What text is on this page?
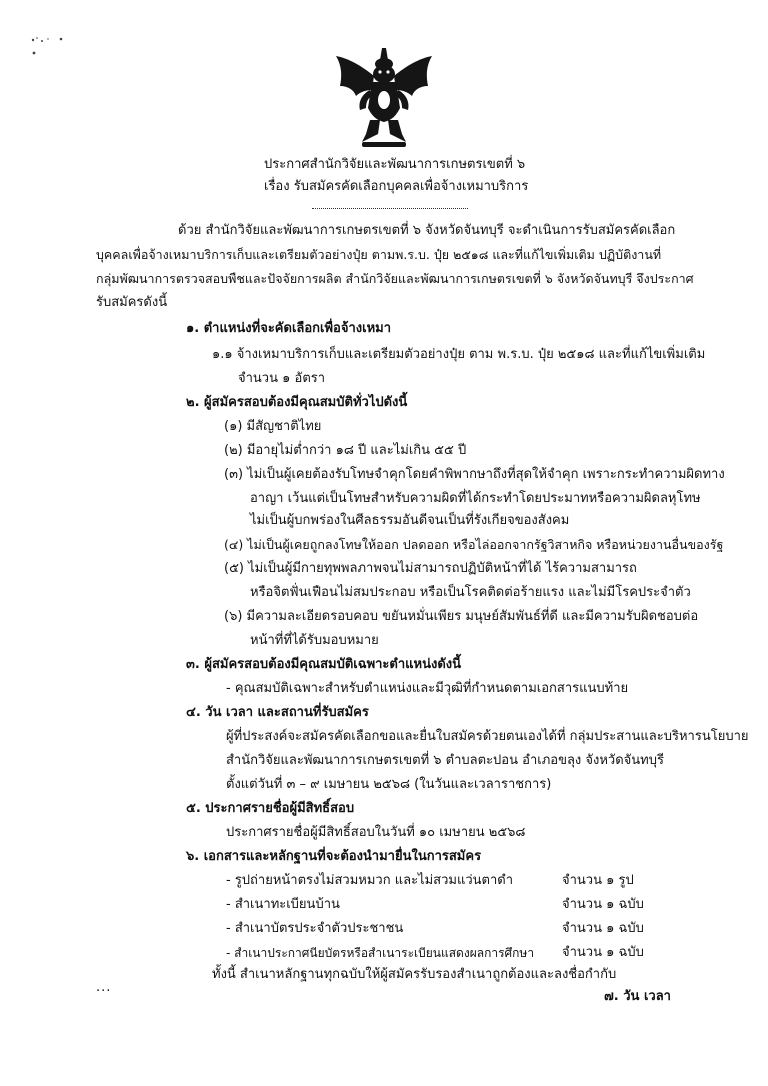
ประกาศสำนักวิจัยและพัฒนาการเกษตรเขตที่ ๖
เรื่อง รับสมัครคัดเลือกบุคคลเพื่อจ้างเหมาบริการ
ด้วย สำนักวิจัยและพัฒนาการเกษตรเขตที่ ๖ จังหวัดจันทบุรี จะดำเนินการรับสมัครคัดเลือก
บุคคลเพื่อจ้างเหมาบริการเก็บและเตรียมตัวอย่างปุ๋ย ตามพ.ร.บ. ปุ๋ย ๒๕๑๘ และที่แก้ไขเพิ่มเติม ปฏิบัติงานที่
กลุ่มพัฒนาการตรวจสอบพืชและปัจจัยการผลิต สำนักวิจัยและพัฒนาการเกษตรเขตที่ ๖ จังหวัดจันทบุรี จึงประกาศ
รับสมัครดังนี้
๑. ตำแหน่งที่จะคัดเลือกเพื่อจ้างเหมา
๑.๑ จ้างเหมาบริการเก็บและเตรียมตัวอย่างปุ๋ย ตาม พ.ร.บ. ปุ๋ย ๒๕๑๘ และที่แก้ไขเพิ่มเติม
จำนวน ๑ อัตรา
๒. ผู้สมัครสอบต้องมีคุณสมบัติทั่วไปดังนี้
(๑) มีสัญชาติไทย
(๒) มีอายุไม่ต่ำกว่า ๑๘ ปี และไม่เกิน ๕๕ ปี
(๓) ไม่เป็นผู้เคยต้องรับโทษจำคุกโดยคำพิพากษาถึงที่สุดให้จำคุก เพราะกระทำความผิดทาง
อาญา เว้นแต่เป็นโทษสำหรับความผิดที่ได้กระทำโดยประมาทหรือความผิดลหุโทษ
ไม่เป็นผู้บกพร่องในศีลธรรมอันดีจนเป็นที่รังเกียจของสังคม
(๔) ไม่เป็นผู้เคยถูกลงโทษให้ออก ปลดออก หรือไล่ออกจากรัฐวิสาหกิจ หรือหน่วยงานอื่นของรัฐ
(๕) ไม่เป็นผู้มีกายทุพพลภาพจนไม่สามารถปฏิบัติหน้าที่ได้ ไร้ความสามารถ
หรือจิตฟั่นเฟือนไม่สมประกอบ หรือเป็นโรคติดต่อร้ายแรง และไม่มีโรคประจำตัว
(๖) มีความละเอียดรอบคอบ ขยันหมั่นเพียร มนุษย์สัมพันธ์ที่ดี และมีความรับผิดชอบต่อ
หน้าที่ที่ได้รับมอบหมาย
๓. ผู้สมัครสอบต้องมีคุณสมบัติเฉพาะตำแหน่งดังนี้
- คุณสมบัติเฉพาะสำหรับตำแหน่งและมีวุฒิที่กำหนดตามเอกสารแนบท้าย
๔. วัน เวลา และสถานที่รับสมัคร
ผู้ที่ประสงค์จะสมัครคัดเลือกขอและยื่นใบสมัครด้วยตนเองได้ที่ กลุ่มประสานและบริหารนโยบาย
สำนักวิจัยและพัฒนาการเกษตรเขตที่ ๖ ตำบลตะปอน อำเภอขลุง จังหวัดจันทบุรี
ตั้งแต่วันที่ ๓ – ๙ เมษายน ๒๕๖๘ (ในวันและเวลาราชการ)
๕. ประกาศรายชื่อผู้มีสิทธิ์สอบ
ประกาศรายชื่อผู้มีสิทธิ์สอบในวันที่ ๑๐ เมษายน ๒๕๖๘
๖. เอกสารและหลักฐานที่จะต้องนำมายื่นในการสมัคร
- รูปถ่ายหน้าตรงไม่สวมหมวก และไม่สวมแว่นตาดำ	จำนวน ๑ รูป
- สำเนาทะเบียนบ้าน	จำนวน ๑ ฉบับ
- สำเนาบัตรประจำตัวประชาชน	จำนวน ๑ ฉบับ
- สำเนาประกาศนียบัตรหรือสำเนาระเบียนแสดงผลการศึกษา จำนวน ๑ ฉบับ
ทั้งนี้ สำเนาหลักฐานทุกฉบับให้ผู้สมัครรับรองสำเนาถูกต้องและลงชื่อกำกับ
๗. วัน เวลา
...
